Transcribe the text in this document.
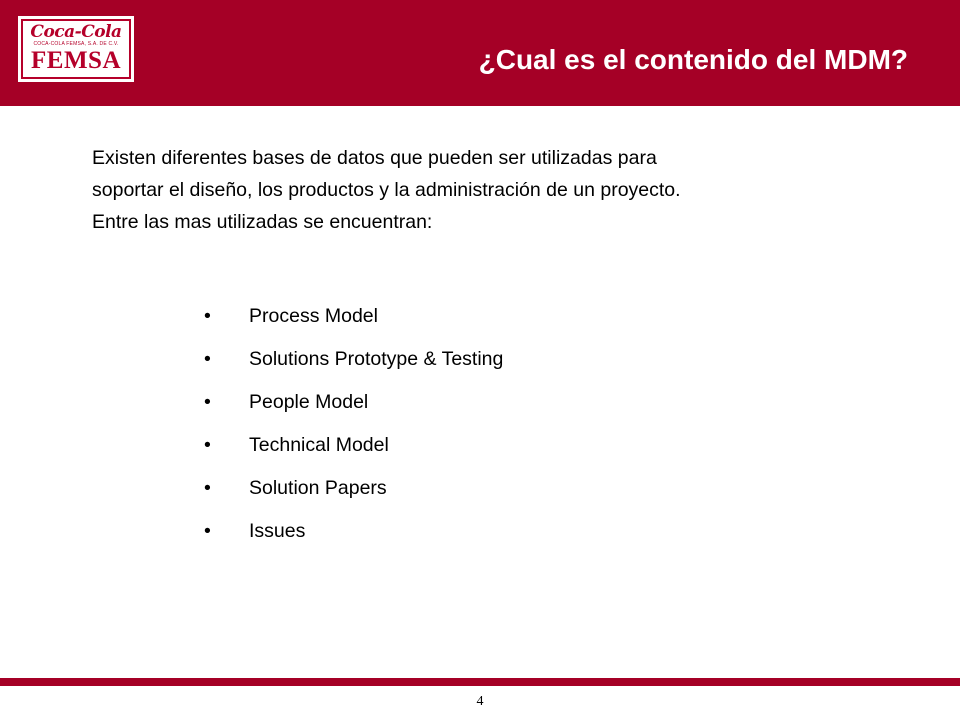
Coca-Cola
COCA-COLA FEMSA, S.A. DE C.V.
FEMSA	¿Cual es el contenido del MDM?

Existen diferentes bases de datos que pueden ser utilizadas para
soportar el diseño, los productos y la administración de un proyecto.
Entre las mas utilizadas se encuentran:

• Process Model
• Solutions Prototype & Testing
• People Model
• Technical Model
• Solution Papers
• Issues
4
